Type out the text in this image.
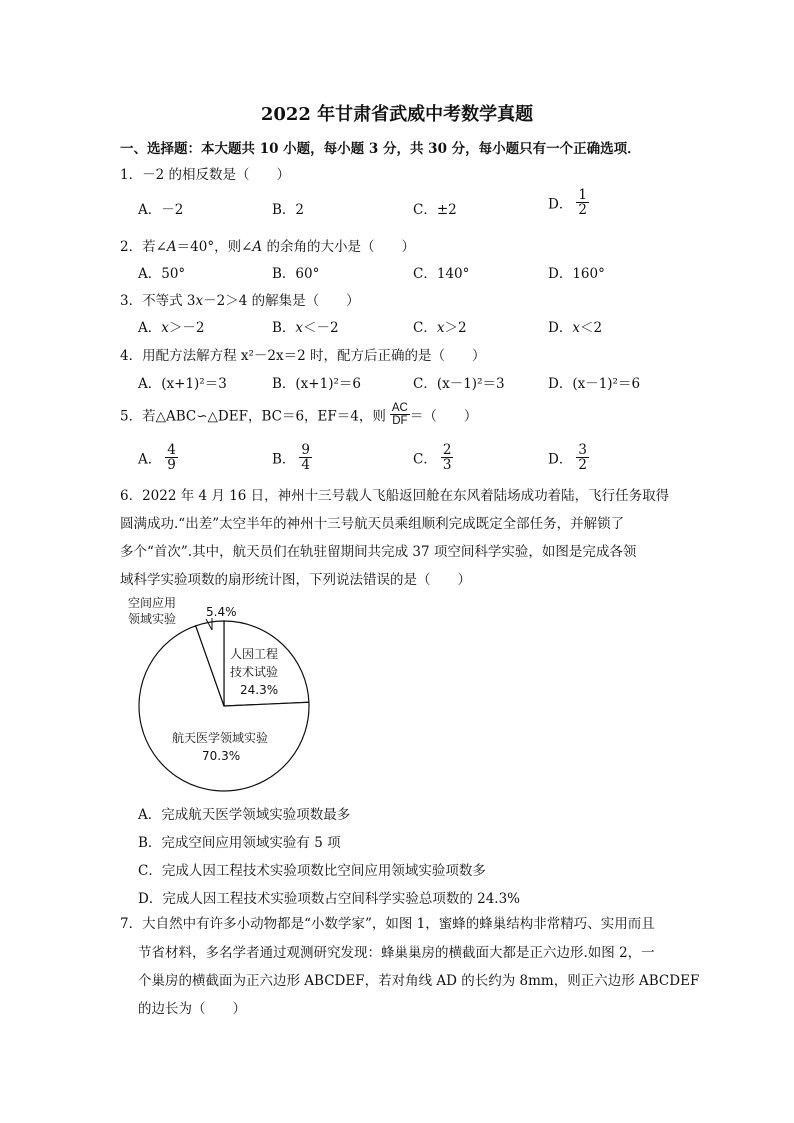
2022 年甘肃省武威中考数学真题
一、选择题：本大题共 10 小题，每小题 3 分，共 30 分，每小题只有一个正确选项．
1．－2 的相反数是（　　）
A．－2	B．2	C．±2	D． $\frac{1}{2}$
2．若∠A＝40°，则∠A 的余角的大小是（　　）
A．50°	B．60°	C．140°	D．160°
3．不等式 3x－2＞4 的解集是（　　）
A．x＞－2	B．x＜－2	C．x＞2	D．x＜2
4．用配方法解方程 x²－2x＝2 时，配方后正确的是（　　）
A．(x+1)²＝3	B．(x+1)²＝6	C．(x－1)²＝3	D．(x－1)²＝6
5．若△ABC∽△DEF，BC＝6，EF＝4，则 $\frac{AC}{DF}$ ＝（　　）
A． $\frac{4}{9}$	B． $\frac{9}{4}$	C． $\frac{2}{3}$	D． $\frac{3}{2}$
6．2022 年 4 月 16 日，神州十三号载人飞船返回舱在东风着陆场成功着陆，飞行任务取得
圆满成功.“出差”太空半年的神州十三号航天员乘组顺利完成既定全部任务，并解锁了
多个“首次”.其中，航天员们在轨驻留期间共完成 37 项空间科学实验，如图是完成各领
域科学实验项数的扇形统计图，下列说法错误的是（　　）
空间应用
领域实验 5.4%
人因工程
技术试验
24.3%
航天医学领域实验
70.3%
A．完成航天医学领域实验项数最多
B．完成空间应用领域实验有 5 项
C．完成人因工程技术实验项数比空间应用领域实验项数多
D．完成人因工程技术实验项数占空间科学实验总项数的 24.3%
7．大自然中有许多小动物都是“小数学家”，如图 1，蜜蜂的蜂巢结构非常精巧、实用而且
节省材料，多名学者通过观测研究发现：蜂巢巢房的横截面大都是正六边形.如图 2，一
个巢房的横截面为正六边形 ABCDEF，若对角线 AD 的长约为 8mm，则正六边形 ABCDEF
的边长为（　　）
